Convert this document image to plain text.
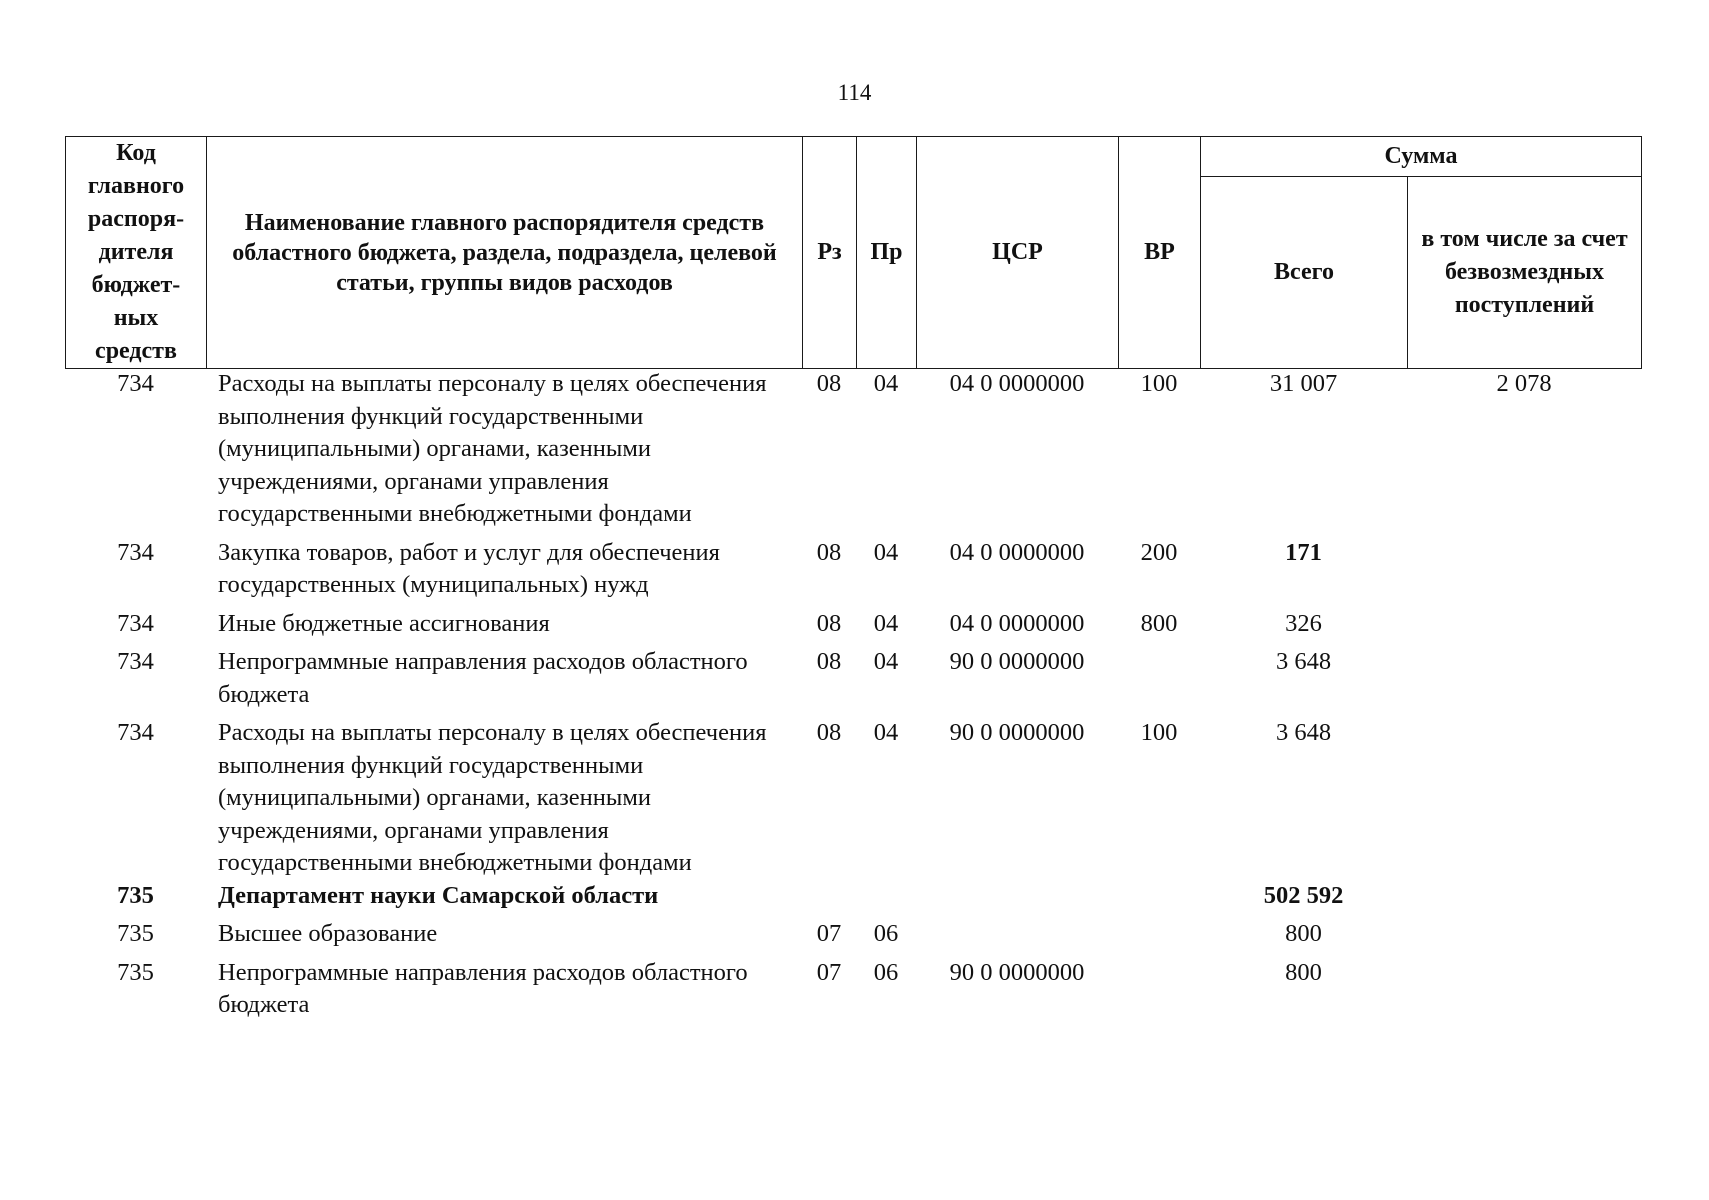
114
Код главного распоря-дителя бюджет-ных средств	Наименование главного распорядителя средств областного бюджета, раздела, подраздела, целевой статьи, группы видов расходов	Рз	Пр	ЦСР	ВР	Сумма	
						Всего	в том числе за счет безвозмездных поступлений
734	Расходы на выплаты персоналу в целях обеспечения выполнения функций государственными (муниципальными) органами, казенными учреждениями, органами управления государственными внебюджетными фондами	08	04	04 0 0000000	100	31 007	2 078
734	Закупка товаров, работ и услуг для обеспечения государственных (муниципальных) нужд	08	04	04 0 0000000	200	171	
734	Иные бюджетные ассигнования	08	04	04 0 0000000	800	326	
734	Непрограммные направления расходов областного бюджета	08	04	90 0 0000000		3 648	
734	Расходы на выплаты персоналу в целях обеспечения выполнения функций государственными (муниципальными) органами, казенными учреждениями, органами управления государственными внебюджетными фондами	08	04	90 0 0000000	100	3 648	
735	Департамент науки Самарской области					502 592	
735	Высшее образование	07	06			800	
735	Непрограммные направления расходов областного бюджета	07	06	90 0 0000000		800	
